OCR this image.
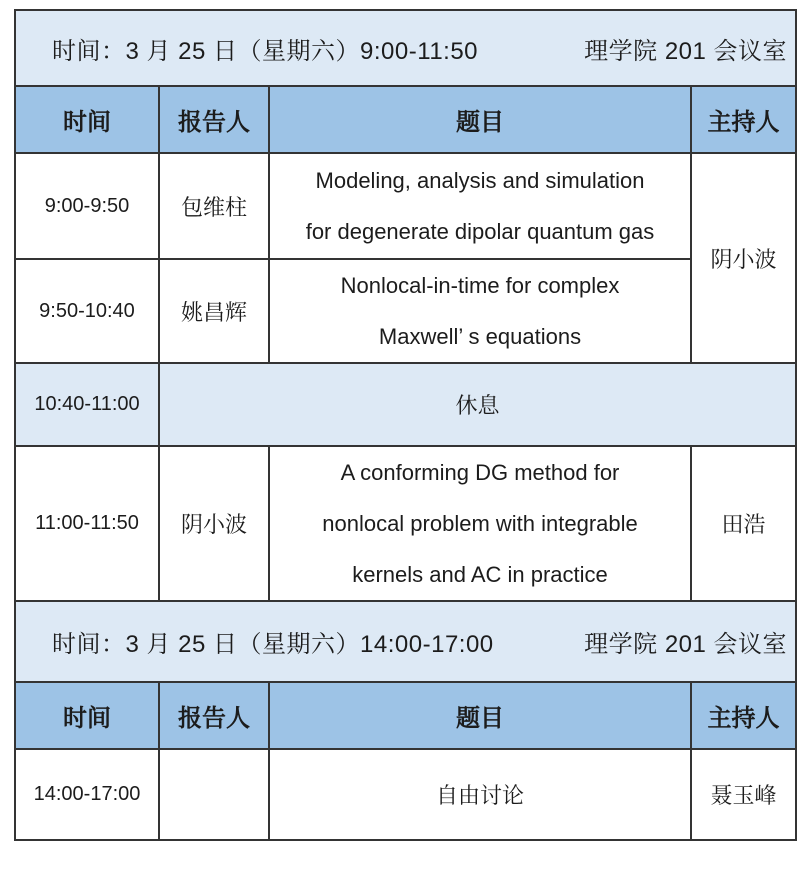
时间：3 月 25 日（星期六）9:00-11:50 理学院 201 会议室			

时间	报告人	题目	主持人
9:00-9:50	包维柱	Modeling, analysis and simulation
for degenerate dipolar quantum gas	阴小波
9:50-10:40	姚昌辉	Nonlocal-in-time for complex
Maxwell’ s equations	

10:40-11:00	休息		
11:00-11:50	阴小波	A conforming DG method for
nonlocal problem with integrable
kernels and AC in practice	田浩

时间：3 月 25 日（星期六）14:00-17:00 理学院 201 会议室			

时间	报告人	题目	主持人
14:00-17:00		自由讨论	聂玉峰
